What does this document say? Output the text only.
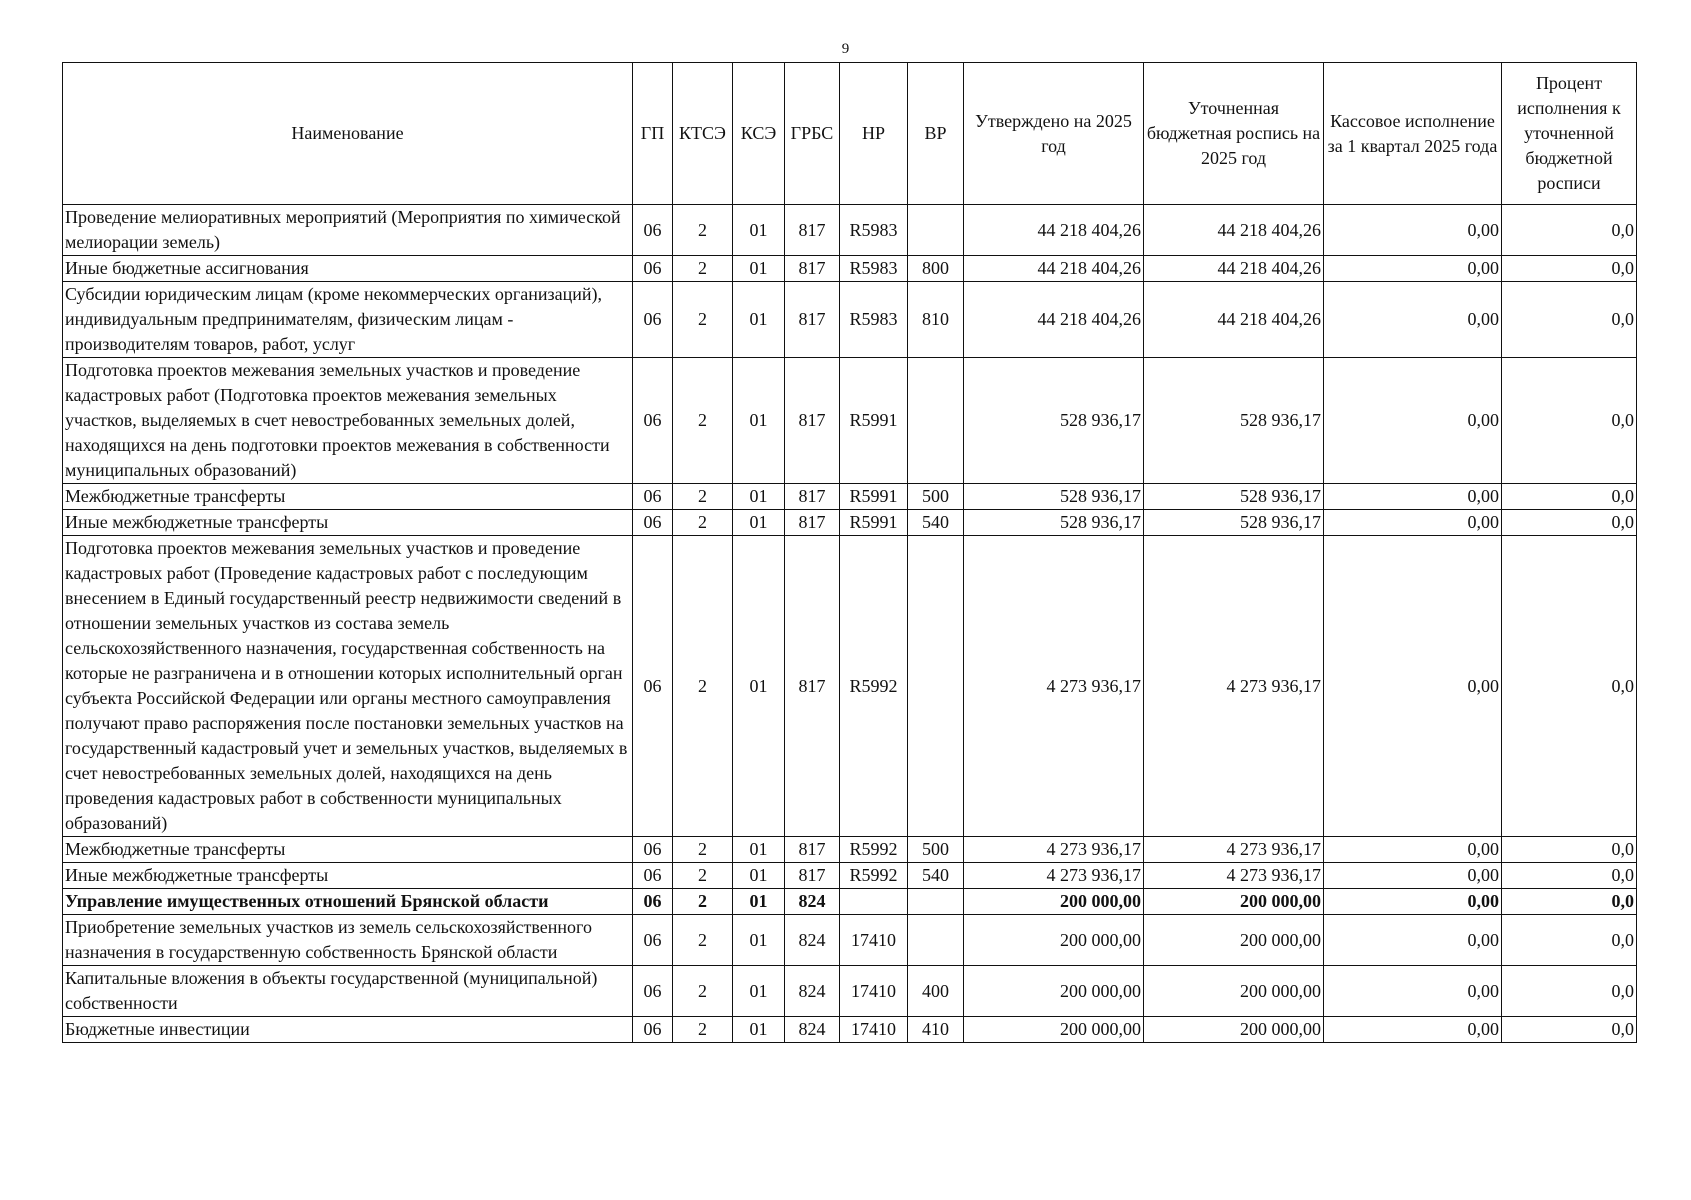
9
Наименование	ГП	КТСЭ	КСЭ	ГРБС	НР	ВР	Утверждено на 2025 год	Уточненная бюджетная роспись на 2025 год	Кассовое исполнение за 1 квартал 2025 года	Процент исполнения к уточненной бюджетной росписи
Проведение мелиоративных мероприятий (Мероприятия по химической мелиорации земель)	06	2	01	817	R5983		44 218 404,26	44 218 404,26	0,00	0,0
Иные бюджетные ассигнования	06	2	01	817	R5983	800	44 218 404,26	44 218 404,26	0,00	0,0
Субсидии юридическим лицам (кроме некоммерческих организаций), индивидуальным предпринимателям, физическим лицам - производителям товаров, работ, услуг	06	2	01	817	R5983	810	44 218 404,26	44 218 404,26	0,00	0,0
Подготовка проектов межевания земельных участков и проведение кадастровых работ (Подготовка проектов межевания земельных участков, выделяемых в счет невостребованных земельных долей, находящихся на день подготовки проектов межевания в собственности муниципальных образований)	06	2	01	817	R5991		528 936,17	528 936,17	0,00	0,0
Межбюджетные трансферты	06	2	01	817	R5991	500	528 936,17	528 936,17	0,00	0,0
Иные межбюджетные трансферты	06	2	01	817	R5991	540	528 936,17	528 936,17	0,00	0,0
Подготовка проектов межевания земельных участков и проведение кадастровых работ (Проведение кадастровых работ с последующим внесением в Единый государственный реестр недвижимости сведений в отношении земельных участков из состава земель сельскохозяйственного назначения, государственная собственность на которые не разграничена и в отношении которых исполнительный орган субъекта Российской Федерации или органы местного самоуправления получают право распоряжения после постановки земельных участков на государственный кадастровый учет и земельных участков, выделяемых в счет невостребованных земельных долей, находящихся на день проведения кадастровых работ в собственности муниципальных образований)	06	2	01	817	R5992		4 273 936,17	4 273 936,17	0,00	0,0
Межбюджетные трансферты	06	2	01	817	R5992	500	4 273 936,17	4 273 936,17	0,00	0,0
Иные межбюджетные трансферты	06	2	01	817	R5992	540	4 273 936,17	4 273 936,17	0,00	0,0
Управление имущественных отношений Брянской области	06	2	01	824			200 000,00	200 000,00	0,00	0,0
Приобретение земельных участков из земель сельскохозяйственного назначения в государственную собственность Брянской области	06	2	01	824	17410		200 000,00	200 000,00	0,00	0,0
Капитальные вложения в объекты государственной (муниципальной) собственности	06	2	01	824	17410	400	200 000,00	200 000,00	0,00	0,0
Бюджетные инвестиции	06	2	01	824	17410	410	200 000,00	200 000,00	0,00	0,0
